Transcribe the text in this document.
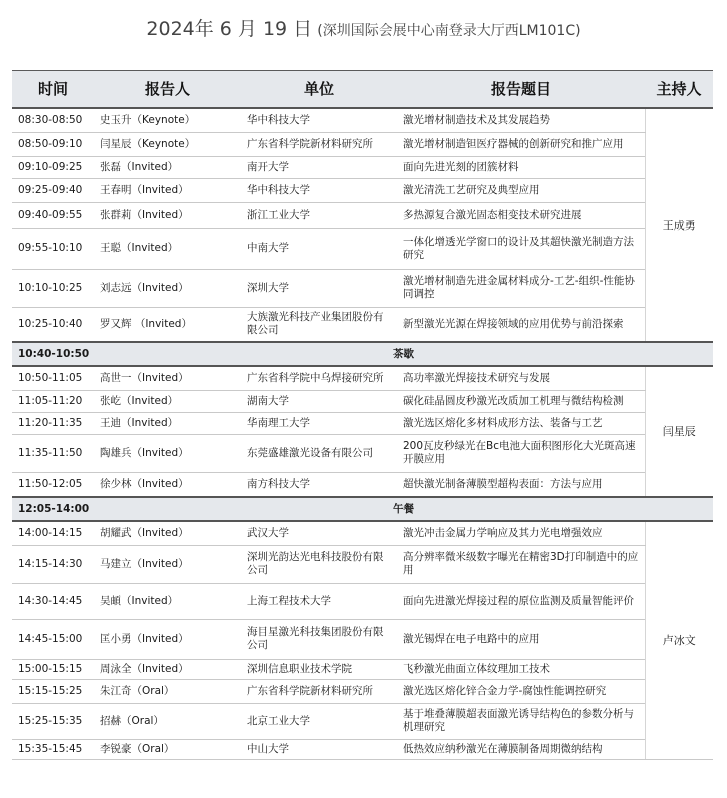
2024年 6 月 19 日 (深圳国际会展中心南登录大厅西LM101C)
时间	报告人	单位	报告题目	主持人
08:30-08:50	史玉升（Keynote）	华中科技大学	激光增材制造技术及其发展趋势	王成勇
08:50-09:10	闫星辰（Keynote）	广东省科学院新材料研究所	激光增材制造钽医疗器械的创新研究和推广应用	
09:10-09:25	张磊（Invited）	南开大学	面向先进光刻的团簇材料	
09:25-09:40	王春明（Invited）	华中科技大学	激光清洗工艺研究及典型应用	
09:40-09:55	张群莉（Invited）	浙江工业大学	多热源复合激光固态相变技术研究进展	
09:55-10:10	王聪（Invited）	中南大学	一体化增透光学窗口的设计及其超快激光制造方法研究	
10:10-10:25	刘志远（Invited）	深圳大学	激光增材制造先进金属材料成分-工艺-组织-性能协同调控	
10:25-10:40	罗又辉 （Invited）	大族激光科技产业集团股份有限公司	新型激光光源在焊接领域的应用优势与前沿探索	
10:40-10:50	茶歇			
10:50-11:05	高世一（Invited）	广东省科学院中乌焊接研究所	高功率激光焊接技术研究与发展	闫星辰
11:05-11:20	张屹（Invited）	湖南大学	碳化硅晶圆皮秒激光改质加工机理与微结构检测	
11:20-11:35	王迪（Invited）	华南理工大学	激光选区熔化多材料成形方法、装备与工艺	
11:35-11:50	陶雄兵（Invited）	东莞盛雄激光设备有限公司	200瓦皮秒绿光在Bc电池大面积图形化大光斑高速开膜应用	
11:50-12:05	徐少林（Invited）	南方科技大学	超快激光制备薄膜型超构表面：方法与应用	
12:05-14:00	午餐			
14:00-14:15	胡耀武（Invited）	武汉大学	激光冲击金属力学响应及其力光电增强效应	卢冰文
14:15-14:30	马建立（Invited）	深圳光韵达光电科技股份有限公司	高分辨率微米级数字曝光在精密3D打印制造中的应用	
14:30-14:45	吴頔（Invited）	上海工程技术大学	面向先进激光焊接过程的原位监测及质量智能评价	
14:45-15:00	匡小勇（Invited）	海目星激光科技集团股份有限公司	激光锡焊在电子电路中的应用	
15:00-15:15	周泳全（Invited）	深圳信息职业技术学院	飞秒激光曲面立体纹理加工技术	
15:15-15:25	朱江奇（Oral）	广东省科学院新材料研究所	激光选区熔化锌合金力学-腐蚀性能调控研究	
15:25-15:35	招赫（Oral）	北京工业大学	基于堆叠薄膜超表面激光诱导结构色的参数分析与机理研究	
15:35-15:45	李锐豪（Oral）	中山大学	低热效应纳秒激光在薄膜制备周期微纳结构	
